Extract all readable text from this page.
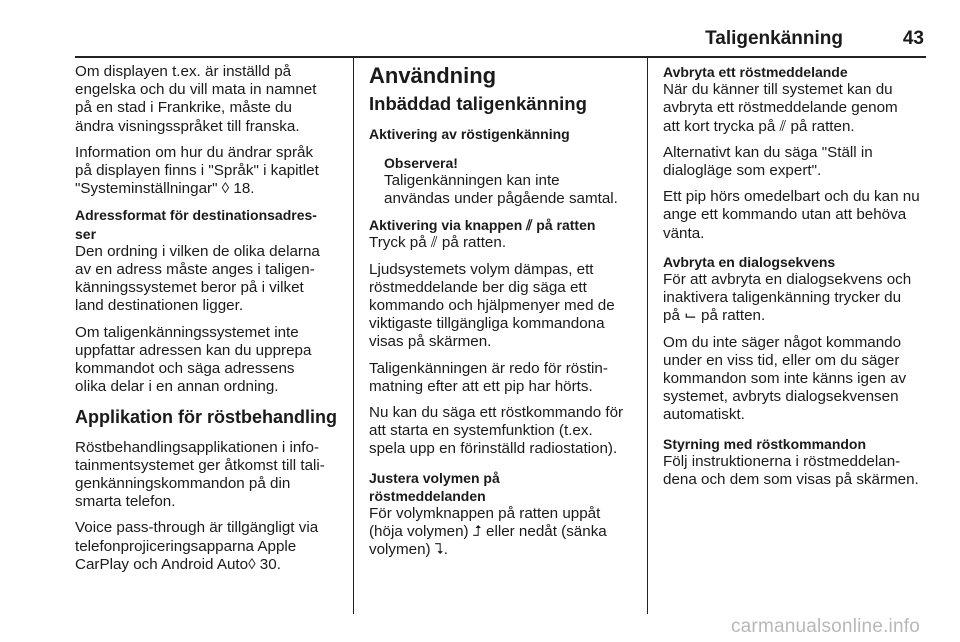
Taligenkänning	43

Om displayen t.ex. är inställd på
engelska och du vill mata in namnet
på en stad i Frankrike, måste du
ändra visningsspråket till franska.

Information om hur du ändrar språk
på displayen finns i "Språk" i kapitlet
"Systeminställningar" ◊ 18.

Adressformat för destinationsadres-
ser

Den ordning i vilken de olika delarna
av en adress måste anges i taligen-
känningssystemet beror på i vilket
land destinationen ligger.

Om taligenkänningssystemet inte
uppfattar adressen kan du upprepa
kommandot och säga adressens
olika delar i en annan ordning.

Applikation för röstbehandling

Röstbehandlingsapplikationen i info-
tainmentsystemet ger åtkomst till tali-
genkänningskommandon på din
smarta telefon.

Voice pass-through är tillgängligt via
telefonprojiceringsapparna Apple
CarPlay och Android Auto◊ 30.

Användning
Inbäddad taligenkänning
Aktivering av röstigenkänning
Observera!
Taligenkänningen kan inte
användas under pågående samtal.
Aktivering via knappen ⫽ på ratten

Tryck på ⫽ på ratten.

Ljudsystemets volym dämpas, ett
röstmeddelande ber dig säga ett
kommando och hjälpmenyer med de
viktigaste tillgängliga kommandona
visas på skärmen.

Taligenkänningen är redo för röstin-
matning efter att ett pip har hörts.

Nu kan du säga ett röstkommando för
att starta en systemfunktion (t.ex.
spela upp en förinställd radiostation).

Justera volymen på
röstmeddelanden

För volymknappen på ratten uppåt
(höja volymen) ⮥ eller nedåt (sänka
volymen) ⮧.

Avbryta ett röstmeddelande

När du känner till systemet kan du
avbryta ett röstmeddelande genom
att kort trycka på ⫽ på ratten.

Alternativt kan du säga "Ställ in
dialogläge som expert".

Ett pip hörs omedelbart och du kan nu
ange ett kommando utan att behöva
vänta.

Avbryta en dialogsekvens

För att avbryta en dialogsekvens och
inaktivera taligenkänning trycker du
på ⌙ på ratten.

Om du inte säger något kommando
under en viss tid, eller om du säger
kommandon som inte känns igen av
systemet, avbryts dialogsekvensen
automatiskt.

Styrning med röstkommandon

Följ instruktionerna i röstmeddelan-
dena och dem som visas på skärmen.

carmanualsonline.info
